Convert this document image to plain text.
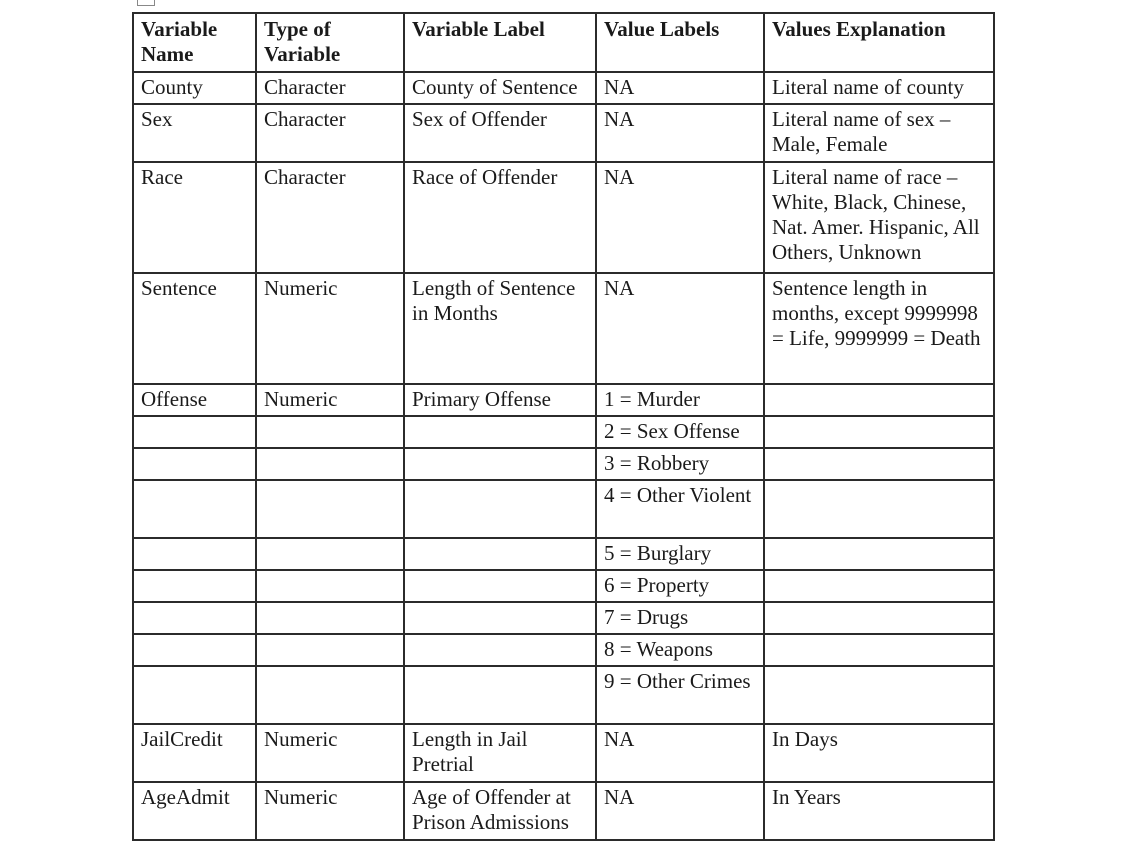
Variable Name	Type of Variable	Variable Label	Value Labels	Values Explanation
County	Character	County of Sentence	NA	Literal name of county
Sex	Character	Sex of Offender	NA	Literal name of sex – Male, Female
Race	Character	Race of Offender	NA	Literal name of race – White, Black, Chinese, Nat. Amer. Hispanic, All Others, Unknown
Sentence	Numeric	Length of Sentence in Months	NA	Sentence length in months, except 9999998 = Life, 9999999 = Death
Offense	Numeric	Primary Offense	1 = Murder	
			2 = Sex Offense	
			3 = Robbery	
			4 = Other Violent	
			5 = Burglary	
			6 = Property	
			7 = Drugs	
			8 = Weapons	
			9 = Other Crimes	
JailCredit	Numeric	Length in Jail Pretrial	NA	In Days
AgeAdmit	Numeric	Age of Offender at Prison Admissions	NA	In Years
